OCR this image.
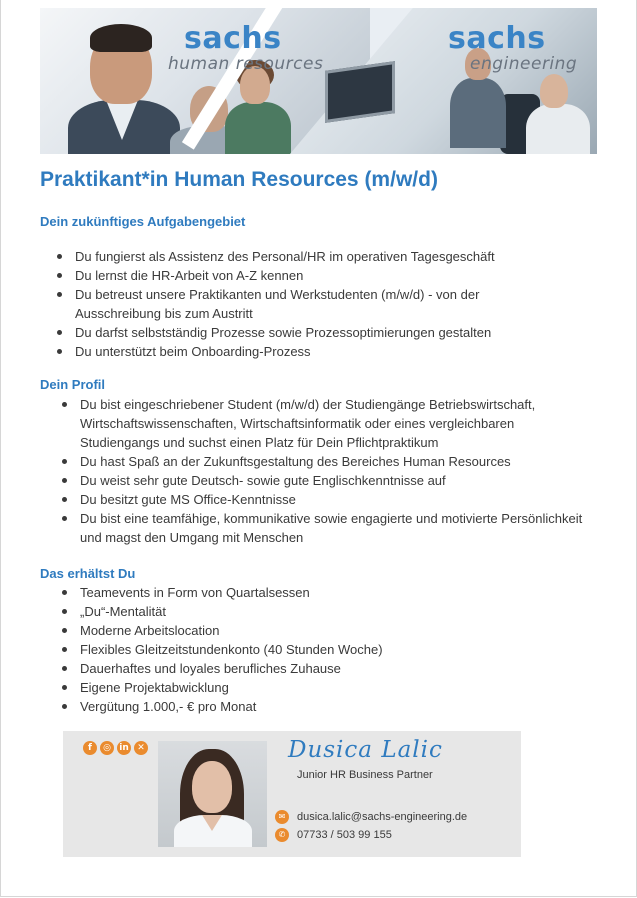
sachs
human resources
sachs
engineering
Praktikant*in Human Resources (m/w/d)
Dein zukünftiges Aufgabengebiet
Du fungierst als Assistenz des Personal/HR im operativen Tagesgeschäft
Du lernst die HR-Arbeit von A-Z kennen
Du betreust unsere Praktikanten und Werkstudenten (m/w/d) - von der Ausschreibung bis zum Austritt
Du darfst selbstständig Prozesse sowie Prozessoptimierungen gestalten
Du unterstützt beim Onboarding-Prozess
Dein Profil
Du bist eingeschriebener Student (m/w/d) der Studiengänge Betriebswirtschaft, Wirtschaftswissenschaften, Wirtschaftsinformatik oder eines vergleichbaren Studiengangs und suchst einen Platz für Dein Pflichtpraktikum
Du hast Spaß an der Zukunftsgestaltung des Bereiches Human Resources
Du weist sehr gute Deutsch- sowie gute Englischkenntnisse auf
Du besitzt gute MS Office-Kenntnisse
Du bist eine teamfähige, kommunikative sowie engagierte und motivierte Persönlichkeit und magst den Umgang mit Menschen
Das erhältst Du
Teamevents in Form von Quartalsessen
„Du“-Mentalität
Moderne Arbeitslocation
Flexibles Gleitzeitstundenkonto (40 Stunden Woche)
Dauerhaftes und loyales berufliches Zuhause
Eigene Projektabwicklung
Vergütung 1.000,- € pro Monat
f	◎ in ✕	Dusica Lalic
Junior HR Business Partner
✉	dusica.lalic@sachs-engineering.de
✆	07733 / 503 99 155
